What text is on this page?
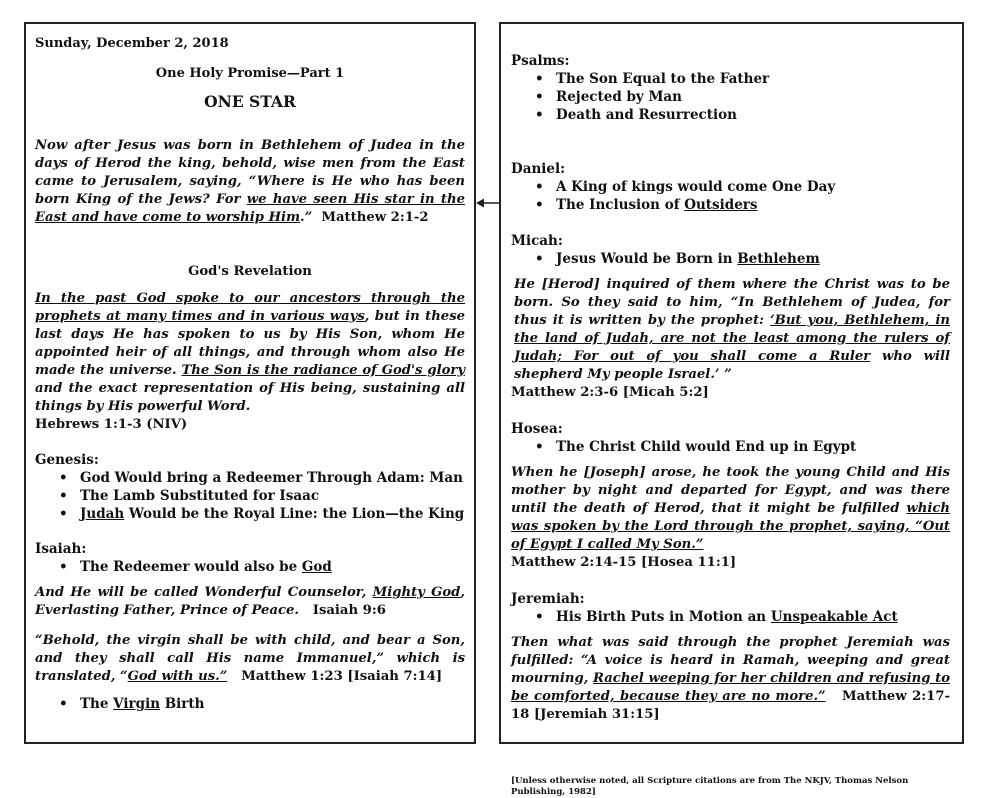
Sunday, December 2, 2018

One Holy Promise—Part 1

ONE STAR

Now after Jesus was born in Bethlehem of Judea in the days of Herod the king, behold, wise men from the East came to Jerusalem, saying, “Where is He who has been born King of the Jews? For we have seen His star in the East and have come to worship Him.” Matthew 2:1-2

God's Revelation

In the past God spoke to our ancestors through the prophets at many times and in various ways, but in these last days He has spoken to us by His Son, whom He appointed heir of all things, and through whom also He made the universe. The Son is the radiance of God's glory and the exact representation of His being, sustaining all things by His powerful Word.

Hebrews 1:1-3 (NIV)

Genesis:

• God Would bring a Redeemer Through Adam: Man
• The Lamb Substituted for Isaac
• Judah Would be the Royal Line: the Lion—the King

Isaiah:

• The Redeemer would also be God

And He will be called Wonderful Counselor, Mighty God, Everlasting Father, Prince of Peace. Isaiah 9:6

“Behold, the virgin shall be with child, and bear a Son, and they shall call His name Immanuel,” which is translated, “God with us.” Matthew 1:23 [Isaiah 7:14]

• The Virgin Birth

Psalms:

• The Son Equal to the Father
• Rejected by Man
• Death and Resurrection

Daniel:

• A King of kings would come One Day
• The Inclusion of Outsiders

Micah:

• Jesus Would be Born in Bethlehem

He [Herod] inquired of them where the Christ was to be born. So they said to him, “In Bethlehem of Judea, for thus it is written by the prophet: ‘But you, Bethlehem, in the land of Judah, are not the least among the rulers of Judah; For out of you shall come a Ruler who will shepherd My people Israel.’ ”

Matthew 2:3-6 [Micah 5:2]

Hosea:

• The Christ Child would End up in Egypt

When he [Joseph] arose, he took the young Child and His mother by night and departed for Egypt, and was there until the death of Herod, that it might be fulfilled which was spoken by the Lord through the prophet, saying, “Out of Egypt I called My Son.”

Matthew 2:14-15 [Hosea 11:1]

Jeremiah:

• His Birth Puts in Motion an Unspeakable Act

Then what was said through the prophet Jeremiah was fulfilled: “A voice is heard in Ramah, weeping and great mourning, Rachel weeping for her children and refusing to be comforted, because they are no more.” Matthew 2:17-18 [Jeremiah 31:15]

[Unless otherwise noted, all Scripture citations are from The NKJV, Thomas Nelson Publishing, 1982]
